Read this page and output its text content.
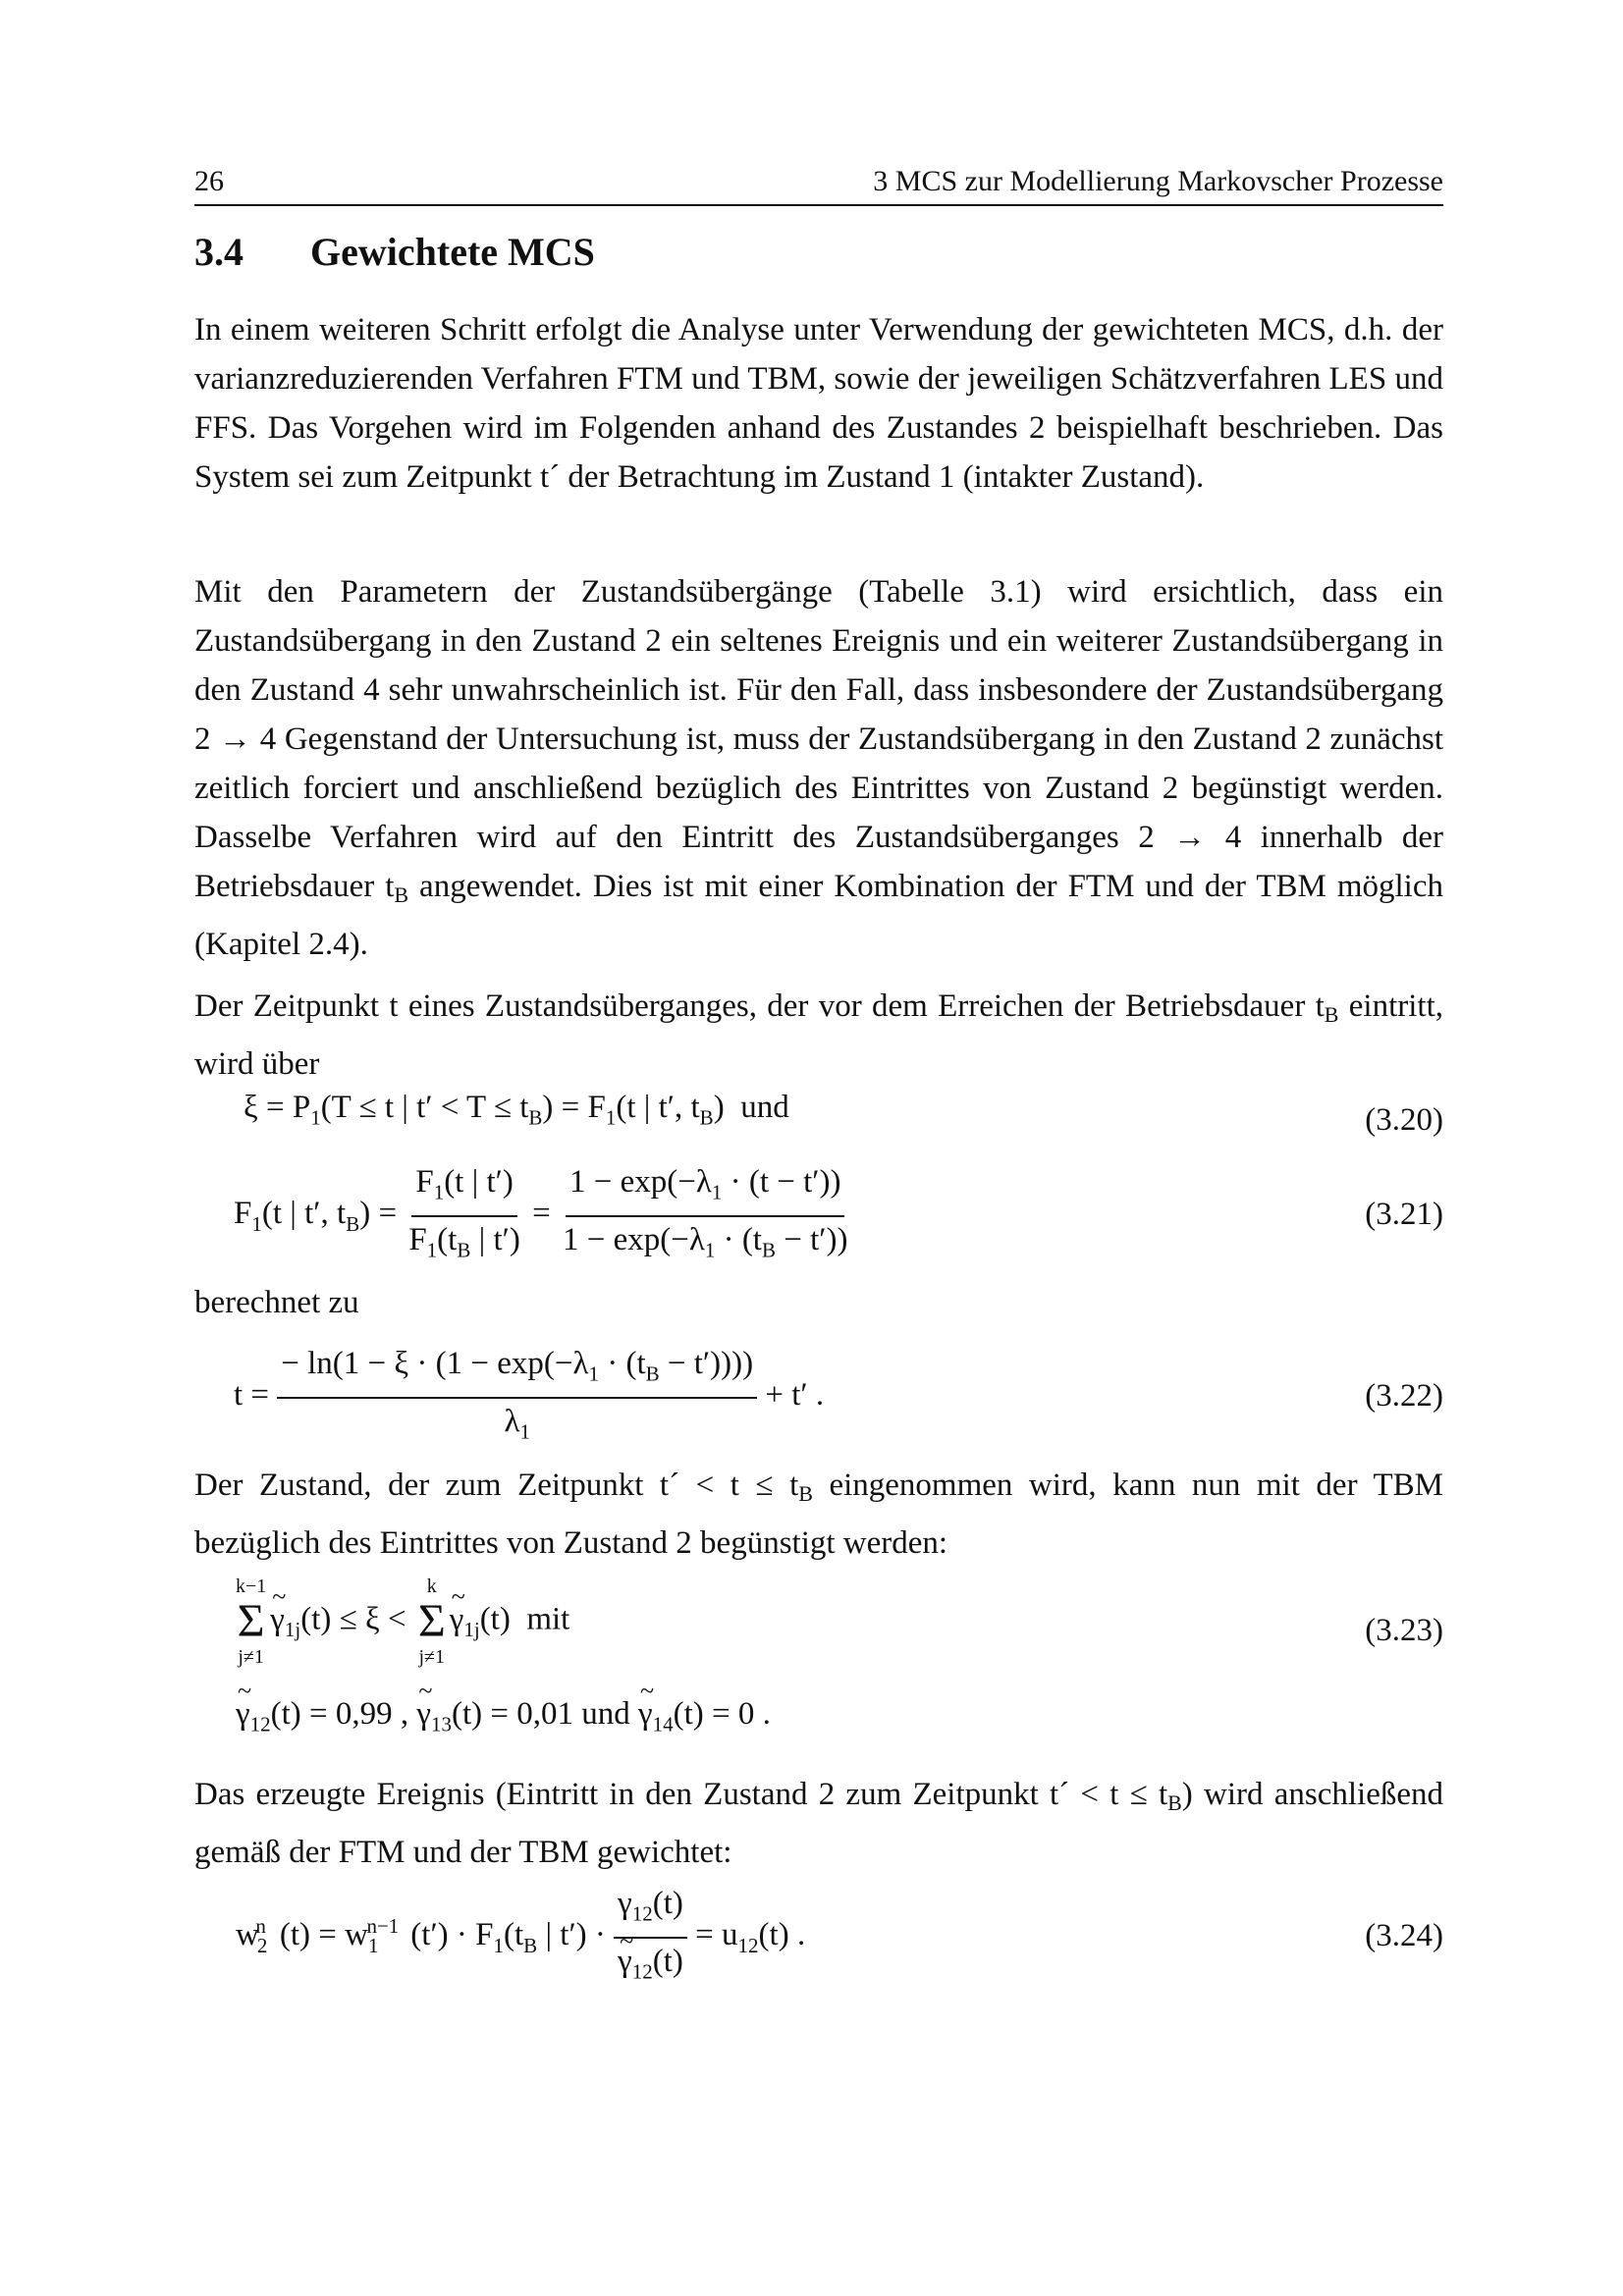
26	3 MCS zur Modellierung Markovscher Prozesse
3.4 Gewichtete MCS

In einem weiteren Schritt erfolgt die Analyse unter Verwendung der gewichteten MCS, d.h. der varianzreduzierenden Verfahren FTM und TBM, sowie der jeweiligen Schätzverfahren LES und FFS. Das Vorgehen wird im Folgenden anhand des Zustandes 2 beispielhaft beschrieben. Das System sei zum Zeitpunkt t´ der Betrachtung im Zustand 1 (intakter Zustand).

Mit den Parametern der Zustandsübergänge (Tabelle 3.1) wird ersichtlich, dass ein Zustandsübergang in den Zustand 2 ein seltenes Ereignis und ein weiterer Zustandsübergang in den Zustand 4 sehr unwahrscheinlich ist. Für den Fall, dass insbesondere der Zustandsübergang 2 → 4 Gegenstand der Untersuchung ist, muss der Zustandsübergang in den Zustand 2 zunächst zeitlich forciert und anschließend bezüglich des Eintrittes von Zustand 2 begünstigt werden. Dasselbe Verfahren wird auf den Eintritt des Zustandsüberganges 2 → 4 innerhalb der Betriebsdauer $t_B$ angewendet. Dies ist mit einer Kombination der FTM und der TBM möglich (Kapitel 2.4).

Der Zeitpunkt t eines Zustandsüberganges, der vor dem Erreichen der Betriebsdauer $t_B$ eintritt, wird über

$\xi = P_1(T \le t$ | $t' < T \le t_B) = F_1(t$ | t′, $t_B$)  und	(3.20)
$F_1(t$ | t′, $t_B) = \frac{F_1(t | t')}{F_1(t_B | t')} = \frac{1 - \exp(-\lambda_1 \cdot (t - t'))}{1 - \exp(-\lambda_1 \cdot (t_B - t'))}$	(3.21)

berechnet zu

$t = \frac{- \ln(1 - \xi \cdot (1 - \exp(-\lambda_1 \cdot (t_B - t'))))}{\lambda_1} + t'$ .	(3.22)

Der Zustand, der zum Zeitpunkt t´ < $t \le t_B$ eingenommen wird, kann nun mit der TBM bezüglich des Eintrittes von Zustand 2 begünstigt werden:

k−1
Σ
j≠1
~ $\gamma_{1j}(t) \le \xi$ <
k
Σ
j≠1
~ $\gamma_{1j}(t)$  mit	(3.23)
~ $\gamma_{12}(t) = 0,99$ , ~ $\gamma_{13}(t) = 0,01$ und ~ $\gamma_{14}(t) = 0$ .

Das erzeugte Ereignis (Eintritt in den Zustand 2 zum Zeitpunkt t´ < $t \le t_B$) wird anschließend gemäß der FTM und der TBM gewichtet:

$w_2^n$ $(t) = w_1^{n-1}$ $(t') \cdot F_1(t_B$ | $t') \cdot \gamma_{12}(t)$
~ $\gamma_{12}(t) = u_{12}(t)$ .	(3.24)
